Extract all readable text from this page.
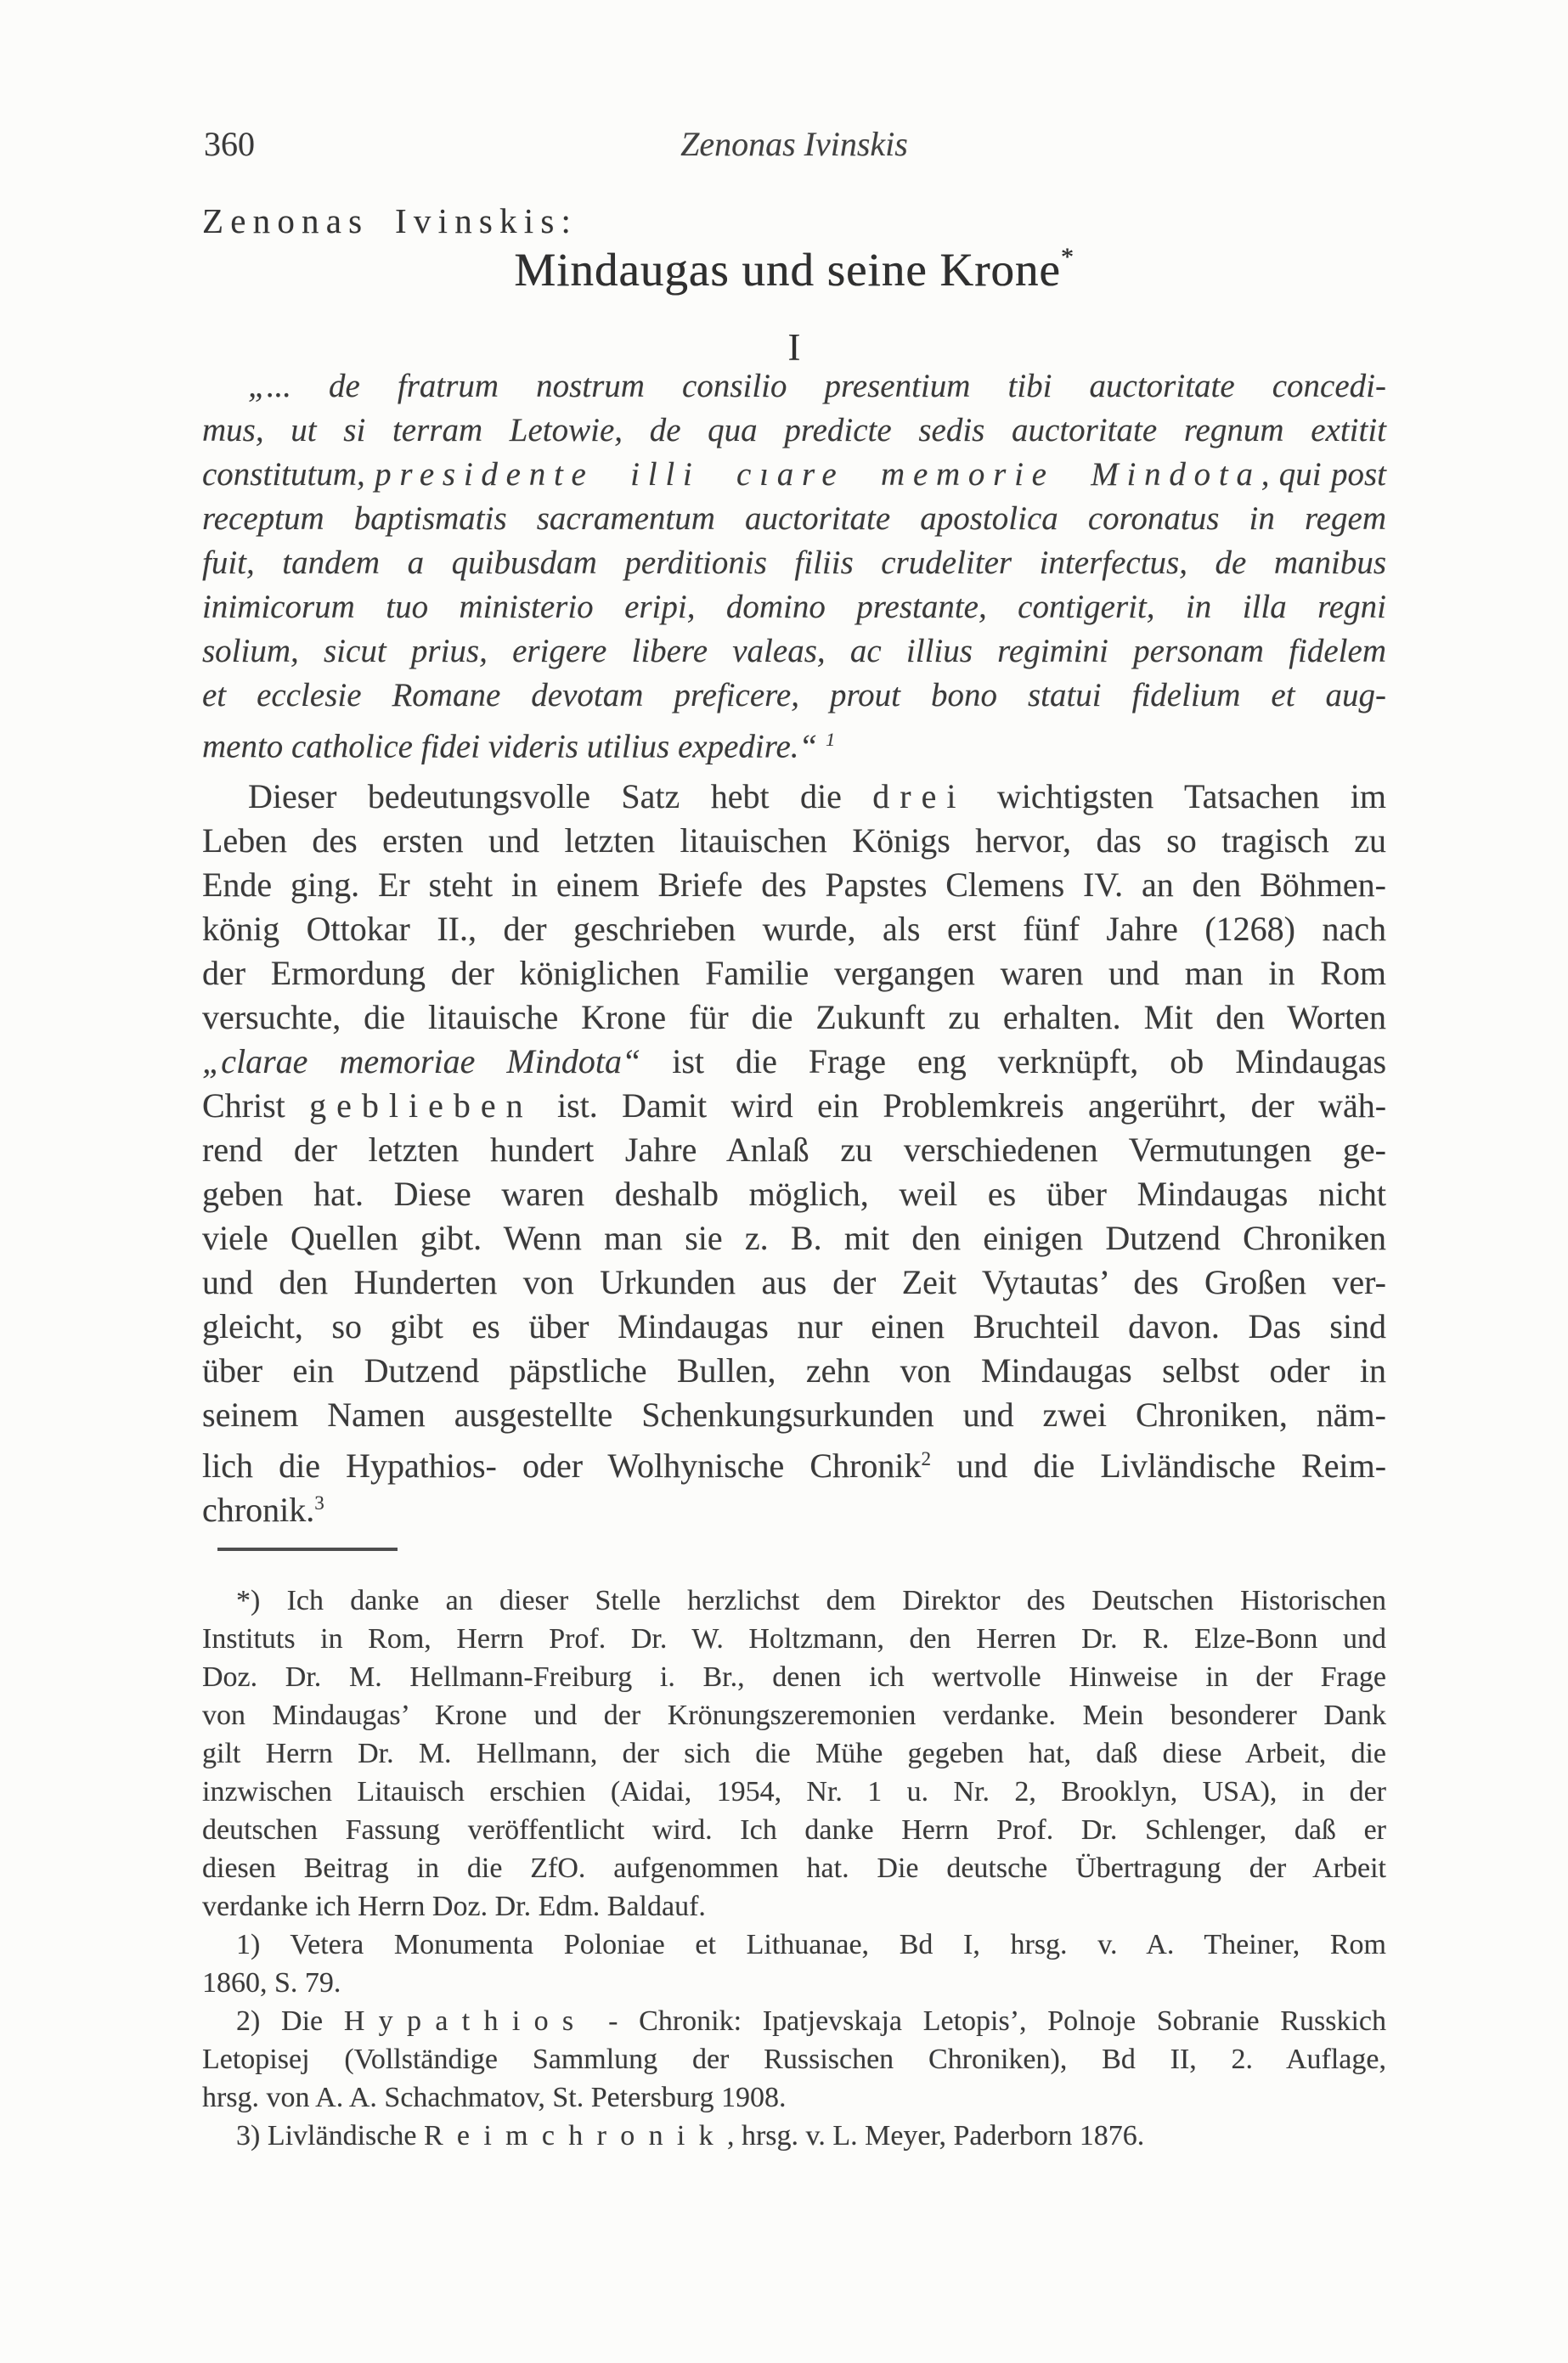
360	Zenonas Ivinskis
Zenonas Ivinskis:
Mindaugas und seine Krone*
I
„... de fratrum nostrum consilio presentium tibi auctoritate concedi-
mus, ut si terram Letowie, de qua predicte sedis auctoritate regnum extitit
constitutum, presidente illi cıare memorie Mindota, qui post
receptum baptismatis sacramentum auctoritate apostolica coronatus in regem
fuit, tandem a quibusdam perditionis filiis crudeliter interfectus, de manibus
inimicorum tuo ministerio eripi, domino prestante, contigerit, in illa regni
solium, sicut prius, erigere libere valeas, ac illius regimini personam fidelem
et ecclesie Romane devotam preficere, prout bono statui fidelium et aug-
mento catholice fidei videris utilius expedire.“ $^1$
Dieser bedeutungsvolle Satz hebt die drei wichtigsten Tatsachen im
Leben des ersten und letzten litauischen Königs hervor, das so tragisch zu
Ende ging. Er steht in einem Briefe des Papstes Clemens IV. an den Böhmen-
könig Ottokar II., der geschrieben wurde, als erst fünf Jahre (1268) nach
der Ermordung der königlichen Familie vergangen waren und man in Rom
versuchte, die litauische Krone für die Zukunft zu erhalten. Mit den Worten
„clarae memoriae Mindota“ ist die Frage eng verknüpft, ob Mindaugas
Christ geblieben ist. Damit wird ein Problemkreis angerührt, der wäh-
rend der letzten hundert Jahre Anlaß zu verschiedenen Vermutungen ge-
geben hat. Diese waren deshalb möglich, weil es über Mindaugas nicht
viele Quellen gibt. Wenn man sie z. B. mit den einigen Dutzend Chroniken
und den Hunderten von Urkunden aus der Zeit Vytautas’ des Großen ver-
gleicht, so gibt es über Mindaugas nur einen Bruchteil davon. Das sind
über ein Dutzend päpstliche Bullen, zehn von Mindaugas selbst oder in
seinem Namen ausgestellte Schenkungsurkunden und zwei Chroniken, näm-
lich die Hypathios- oder Wolhynische Chronik$^2$ und die Livländische Reim-
chronik.$^3$
*) Ich danke an dieser Stelle herzlichst dem Direktor des Deutschen Historischen
Instituts in Rom, Herrn Prof. Dr. W. Holtzmann, den Herren Dr. R. Elze-Bonn und
Doz. Dr. M. Hellmann-Freiburg i. Br., denen ich wertvolle Hinweise in der Frage
von Mindaugas’ Krone und der Krönungszeremonien verdanke. Mein besonderer Dank
gilt Herrn Dr. M. Hellmann, der sich die Mühe gegeben hat, daß diese Arbeit, die
inzwischen Litauisch erschien (Aidai, 1954, Nr. 1 u. Nr. 2, Brooklyn, USA), in der
deutschen Fassung veröffentlicht wird. Ich danke Herrn Prof. Dr. Schlenger, daß er
diesen Beitrag in die ZfO. aufgenommen hat. Die deutsche Übertragung der Arbeit
verdanke ich Herrn Doz. Dr. Edm. Baldauf.
1) Vetera Monumenta Poloniae et Lithuanae, Bd I, hrsg. v. A. Theiner, Rom
1860, S. 79.
2) Die Hypathios - Chronik: Ipatjevskaja Letopis’, Polnoje Sobranie Russkich
Letopisej (Vollständige Sammlung der Russischen Chroniken), Bd II, 2. Auflage,
hrsg. von A. A. Schachmatov, St. Petersburg 1908.
3) Livländische Reimchronik, hrsg. v. L. Meyer, Paderborn 1876.
